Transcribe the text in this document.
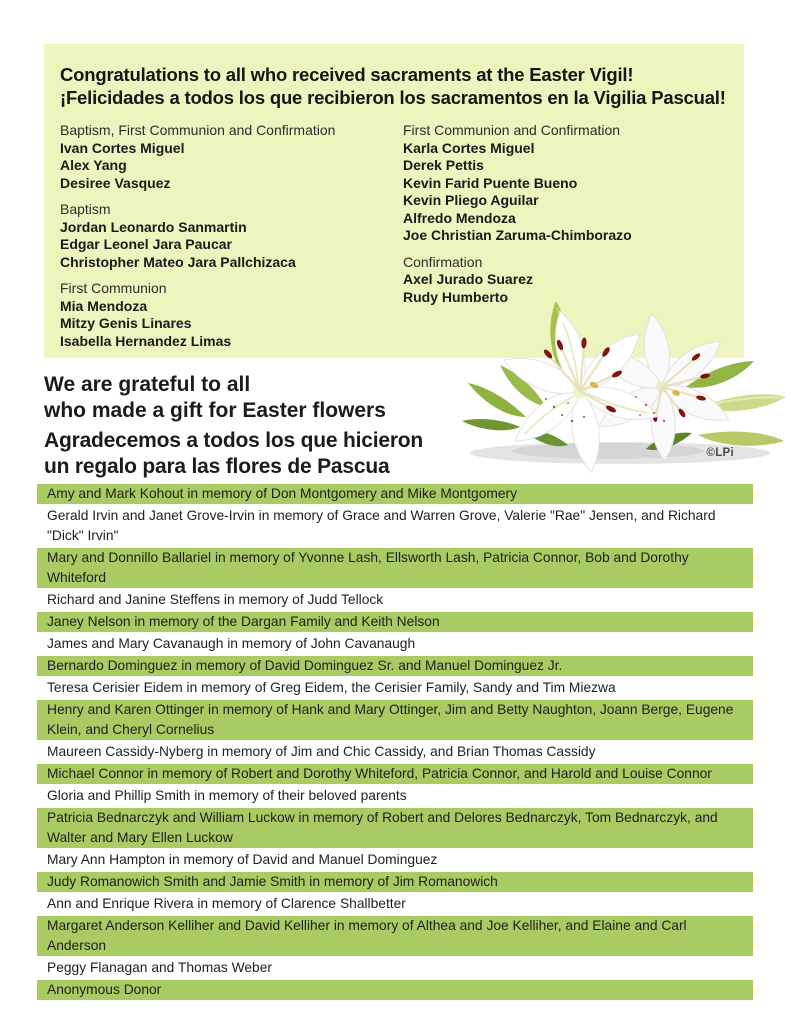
Congratulations to all who received sacraments at the Easter Vigil!
¡Felicidades a todos los que recibieron los sacramentos en la Vigilia Pascual!
Baptism, First Communion and Confirmation
Ivan Cortes Miguel
Alex Yang
Desiree Vasquez
Baptism
Jordan Leonardo Sanmartin
Edgar Leonel Jara Paucar
Christopher Mateo Jara Pallchizaca
First Communion
Mia Mendoza
Mitzy Genis Linares
Isabella Hernandez Limas
First Communion and Confirmation
Karla Cortes Miguel
Derek Pettis
Kevin Farid Puente Bueno
Kevin Pliego Aguilar
Alfredo Mendoza
Joe Christian Zaruma-Chimborazo
Confirmation
Axel Jurado Suarez
Rudy Humberto
©LPi
We are grateful to all
who made a gift for Easter flowers
Agradecemos a todos los que hicieron
un regalo para las flores de Pascua
Amy and Mark Kohout in memory of Don Montgomery and Mike Montgomery
Gerald Irvin and Janet Grove-Irvin in memory of Grace and Warren Grove, Valerie "Rae" Jensen, and Richard "Dick" Irvin"
Mary and Donnillo Ballariel in memory of Yvonne Lash, Ellsworth Lash, Patricia Connor, Bob and Dorothy Whiteford
Richard and Janine Steffens in memory of Judd Tellock
Janey Nelson in memory of the Dargan Family and Keith Nelson
James and Mary Cavanaugh in memory of John Cavanaugh
Bernardo Dominguez in memory of David Dominguez Sr. and Manuel Dominguez Jr.
Teresa Cerisier Eidem in memory of Greg Eidem, the Cerisier Family, Sandy and Tim Miezwa
Henry and Karen Ottinger in memory of Hank and Mary Ottinger, Jim and Betty Naughton, Joann Berge, Eugene Klein, and Cheryl Cornelius
Maureen Cassidy-Nyberg in memory of Jim and Chic Cassidy, and Brian Thomas Cassidy
Michael Connor in memory of Robert and Dorothy Whiteford, Patricia Connor, and Harold and Louise Connor
Gloria and Phillip Smith in memory of their beloved parents
Patricia Bednarczyk and William Luckow in memory of Robert and Delores Bednarczyk, Tom Bednarczyk, and Walter and Mary Ellen Luckow
Mary Ann Hampton in memory of David and Manuel Dominguez
Judy Romanowich Smith and Jamie Smith in memory of Jim Romanowich
Ann and Enrique Rivera in memory of Clarence Shallbetter
Margaret Anderson Kelliher and David Kelliher in memory of Althea and Joe Kelliher, and Elaine and Carl Anderson
Peggy Flanagan and Thomas Weber
Anonymous Donor
